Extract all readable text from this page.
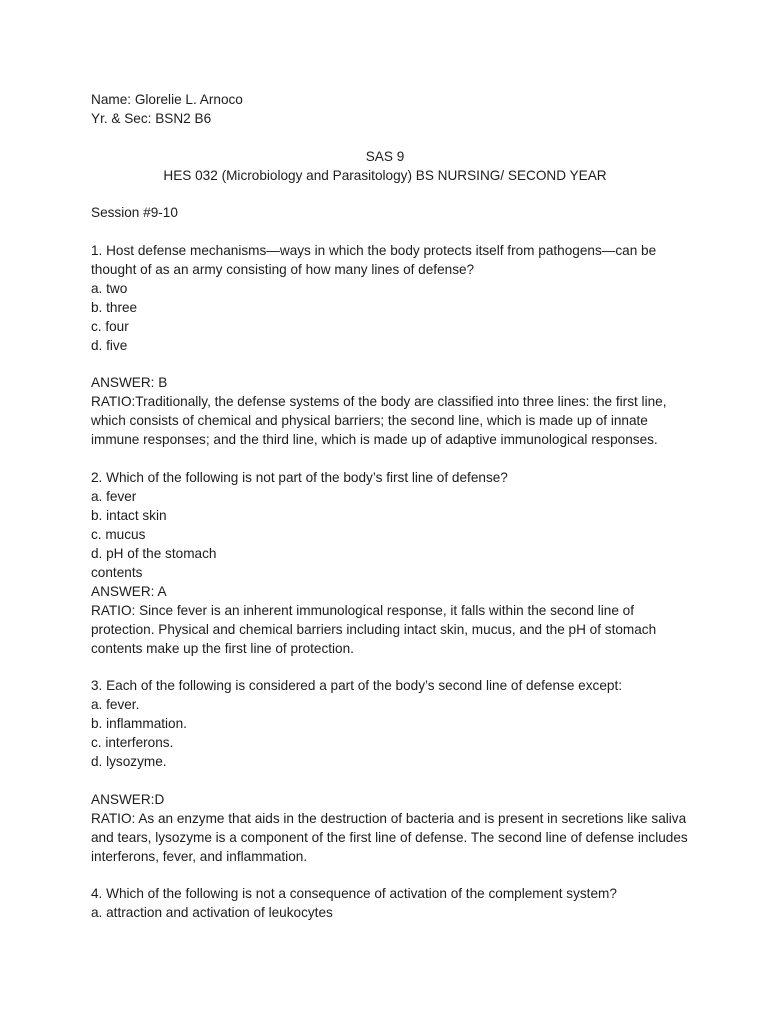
Name: Glorelie L. Arnoco
Yr. & Sec: BSN2 B6
SAS 9
HES 032 (Microbiology and Parasitology) BS NURSING/ SECOND YEAR
Session #9-10
1. Host defense mechanisms—ways in which the body protects itself from pathogens—can be thought of as an army consisting of how many lines of defense?
a. two
b. three
c. four
d. five
ANSWER: B
RATIO:Traditionally, the defense systems of the body are classified into three lines: the first line, which consists of chemical and physical barriers; the second line, which is made up of innate immune responses; and the third line, which is made up of adaptive immunological responses.
2. Which of the following is not part of the body’s first line of defense?
a. fever
b. intact skin
c. mucus
d. pH of the stomach
contents
ANSWER: A
RATIO: Since fever is an inherent immunological response, it falls within the second line of protection. Physical and chemical barriers including intact skin, mucus, and the pH of stomach contents make up the first line of protection.
3. Each of the following is considered a part of the body’s second line of defense except:
a. fever.
b. inflammation.
c. interferons.
d. lysozyme.
ANSWER:D
RATIO: As an enzyme that aids in the destruction of bacteria and is present in secretions like saliva and tears, lysozyme is a component of the first line of defense. The second line of defense includes interferons, fever, and inflammation.
4. Which of the following is not a consequence of activation of the complement system?
a. attraction and activation of leukocytes
